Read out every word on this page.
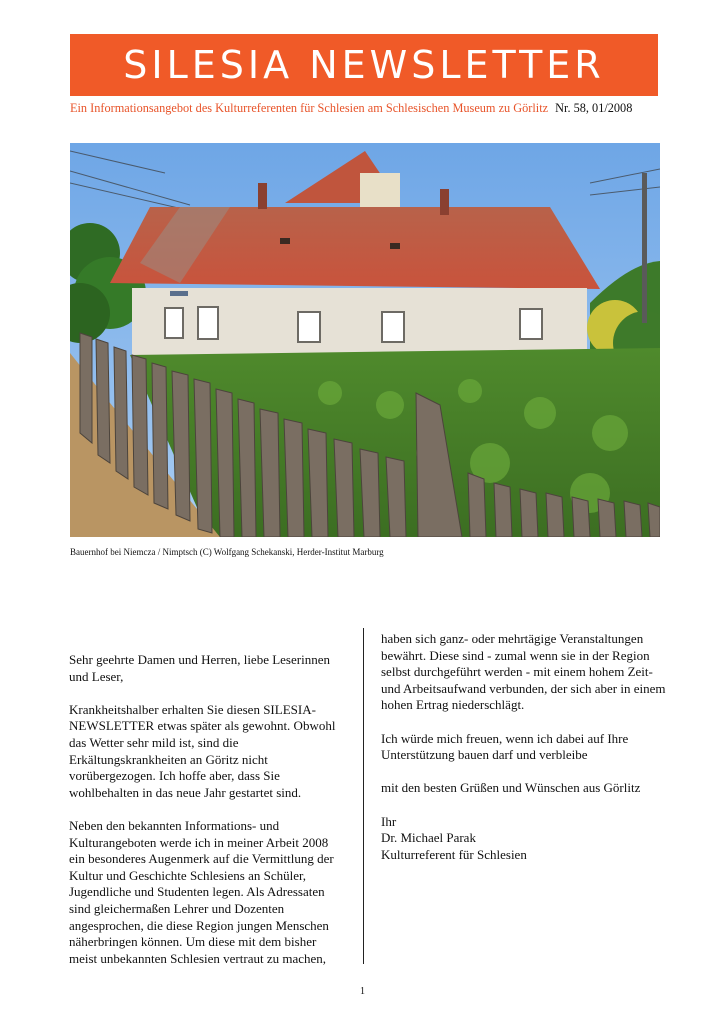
SILESIA NEWSLETTER
Ein Informationsangebot des Kulturreferenten für Schlesien am Schlesischen Museum zu Görlitz Nr. 58, 01/2008
Bauernhof bei Niemcza / Nimptsch (C) Wolfgang Schekanski, Herder-Institut Marburg

Sehr geehrte Damen und Herren, liebe Leserinnen und Leser,

Krankheitshalber erhalten Sie diesen SILESIA-NEWSLETTER etwas später als gewohnt. Obwohl das Wetter sehr mild ist, sind die Erkältungskrankheiten an Göritz nicht vorübergezogen. Ich hoffe aber, dass Sie wohlbehalten in das neue Jahr gestartet sind.

Neben den bekannten Informations- und Kulturangeboten werde ich in meiner Arbeit 2008 ein besonderes Augenmerk auf die Vermittlung der Kultur und Geschichte Schlesiens an Schüler, Jugendliche und Studenten legen. Als Adressaten sind gleichermaßen Lehrer und Dozenten angesprochen, die diese Region jungen Menschen näherbringen können. Um diese mit dem bisher meist unbekannten Schlesien vertraut zu machen,

haben sich ganz- oder mehrtägige Veranstaltungen bewährt. Diese sind - zumal wenn sie in der Region selbst durchgeführt werden - mit einem hohem Zeit- und Arbeitsaufwand verbunden, der sich aber in einem hohen Ertrag niederschlägt.

Ich würde mich freuen, wenn ich dabei auf Ihre Unterstützung bauen darf und verbleibe

mit den besten Grüßen und Wünschen aus Görlitz

Ihr
Dr. Michael Parak
Kulturreferent für Schlesien
1
